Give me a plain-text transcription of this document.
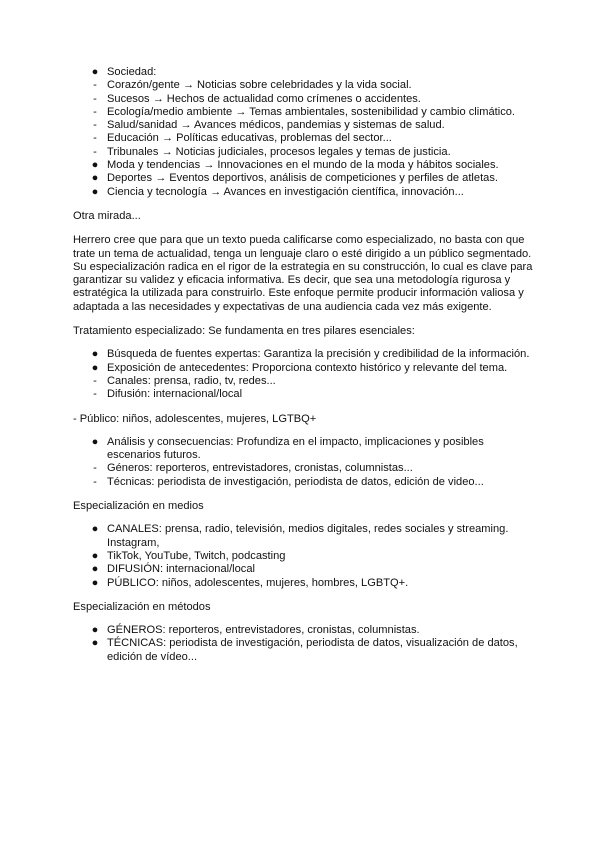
● Sociedad:
- Corazón/gente → Noticias sobre celebridades y la vida social.
- Sucesos → Hechos de actualidad como crímenes o accidentes.
- Ecología/medio ambiente → Temas ambientales, sostenibilidad y cambio climático.
- Salud/sanidad → Avances médicos, pandemias y sistemas de salud.
- Educación → Políticas educativas, problemas del sector...
- Tribunales → Noticias judiciales, procesos legales y temas de justicia.
● Moda y tendencias → Innovaciones en el mundo de la moda y hábitos sociales.
● Deportes → Eventos deportivos, análisis de competiciones y perfiles de atletas.
● Ciencia y tecnología → Avances en investigación científica, innovación...

Otra mirada...

Herrero cree que para que un texto pueda calificarse como especializado, no basta con que trate un tema de actualidad, tenga un lenguaje claro o esté dirigido a un público segmentado. Su especialización radica en el rigor de la estrategia en su construcción, lo cual es clave para garantizar su validez y eficacia informativa. Es decir, que sea una metodología rigurosa y estratégica la utilizada para construirlo. Este enfoque permite producir información valiosa y adaptada a las necesidades y expectativas de una audiencia cada vez más exigente.

Tratamiento especializado: Se fundamenta en tres pilares esenciales:

● Búsqueda de fuentes expertas: Garantiza la precisión y credibilidad de la información.
● Exposición de antecedentes: Proporciona contexto histórico y relevante del tema.
- Canales: prensa, radio, tv, redes...
- Difusión: internacional/local

- Público: niños, adolescentes, mujeres, LGTBQ+

● Análisis y consecuencias: Profundiza en el impacto, implicaciones y posibles escenarios futuros.
- Géneros: reporteros, entrevistadores, cronistas, columnistas...
- Técnicas: periodista de investigación, periodista de datos, edición de video...

Especialización en medios

● CANALES: prensa, radio, televisión, medios digitales, redes sociales y streaming. Instagram,
● TikTok, YouTube, Twitch, podcasting
● DIFUSIÓN: internacional/local
● PÚBLICO: niños, adolescentes, mujeres, hombres, LGBTQ+.

Especialización en métodos

● GÉNEROS: reporteros, entrevistadores, cronistas, columnistas.
● TÉCNICAS: periodista de investigación, periodista de datos, visualización de datos, edición de vídeo...
